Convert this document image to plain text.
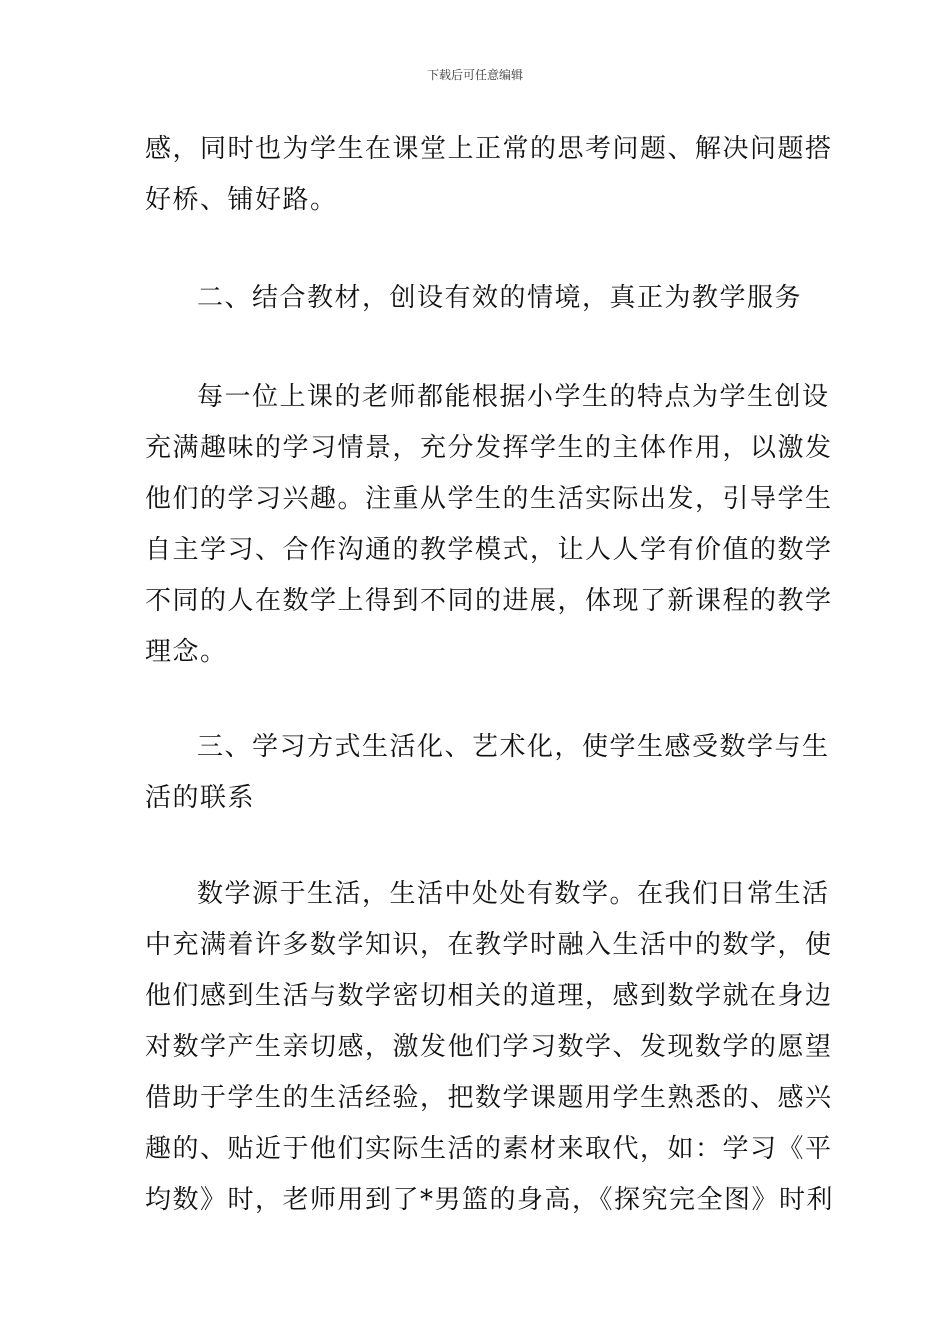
下载后可任意编辑
感，同时也为学生在课堂上正常的思考问题、解决问题搭
好桥、铺好路。
二、结合教材，创设有效的情境，真正为教学服务
每一位上课的老师都能根据小学生的特点为学生创设
充满趣味的学习情景，充分发挥学生的主体作用，以激发
他们的学习兴趣。注重从学生的生活实际出发，引导学生
自主学习、合作沟通的教学模式，让人人学有价值的数学
不同的人在数学上得到不同的进展，体现了新课程的教学
理念。
三、学习方式生活化、艺术化，使学生感受数学与生
活的联系
数学源于生活，生活中处处有数学。在我们日常生活
中充满着许多数学知识，在教学时融入生活中的数学，使
他们感到生活与数学密切相关的道理，感到数学就在身边
对数学产生亲切感，激发他们学习数学、发现数学的愿望
借助于学生的生活经验，把数学课题用学生熟悉的、感兴
趣的、贴近于他们实际生活的素材来取代，如：学习《平
均数》时，老师用到了*男篮的身高，《探究完全图》时利
